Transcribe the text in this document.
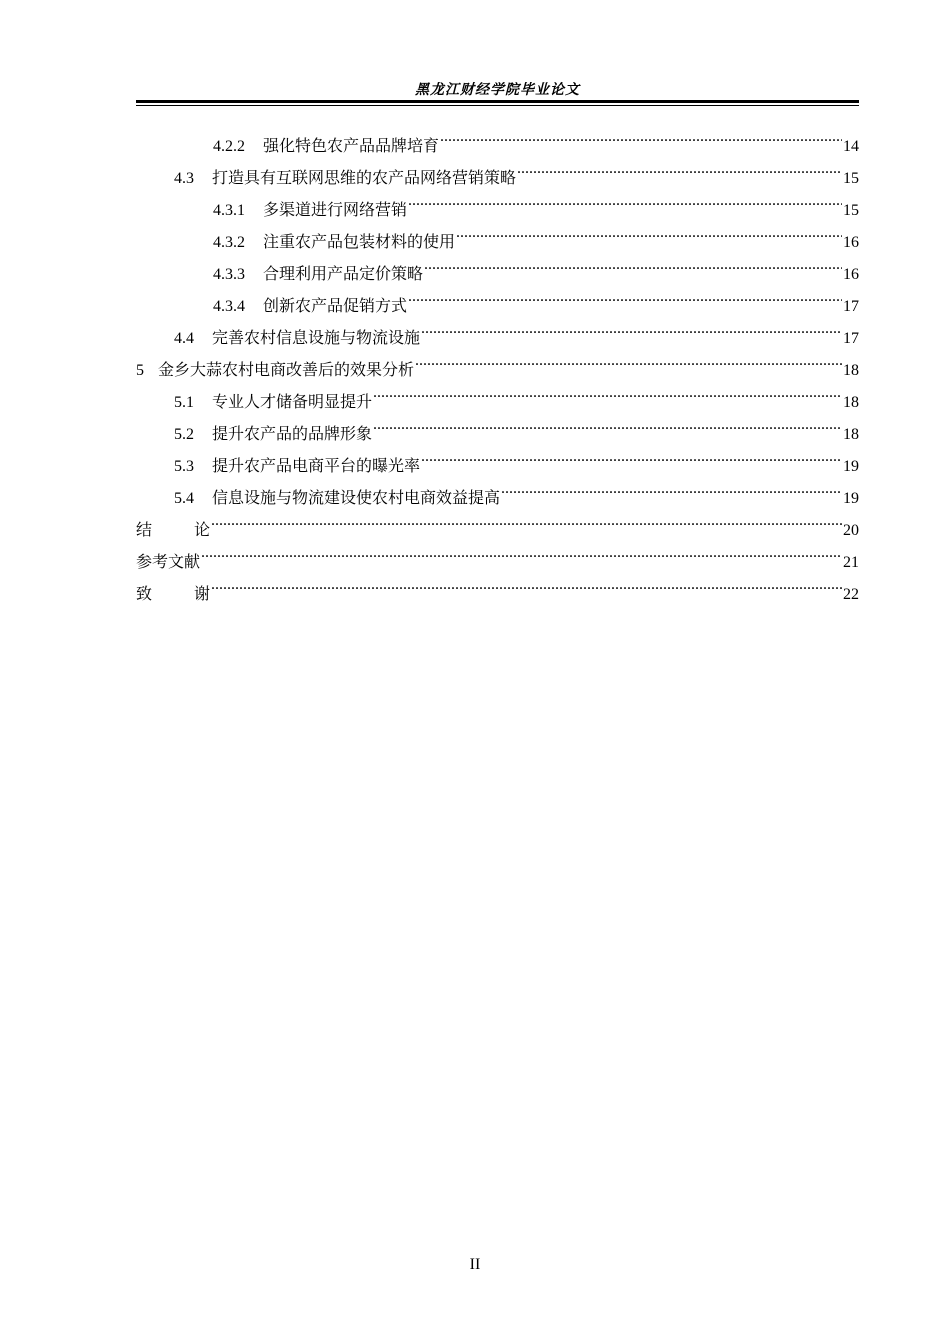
黑龙江财经学院毕业论文
4.2.2 强化特色农产品品牌培育 .....	14
4.3 打造具有互联网思维的农产品网络营销策略 .....	15
4.3.1 多渠道进行网络营销 .....	15
4.3.2 注重农产品包装材料的使用 .....	16
4.3.3 合理利用产品定价策略 .....	16
4.3.4 创新农产品促销方式 .....	17
4.4 完善农村信息设施与物流设施 .....	17
5 金乡大蒜农村电商改善后的效果分析 .....	18
5.1 专业人才储备明显提升 .....	18
5.2 提升农产品的品牌形象 .....	18
5.3 提升农产品电商平台的曝光率 .....	19
5.4 信息设施与物流建设使农村电商效益提高 .....	19
结论 .....	20
参考文献 .....	21
致谢 .....	22
II
